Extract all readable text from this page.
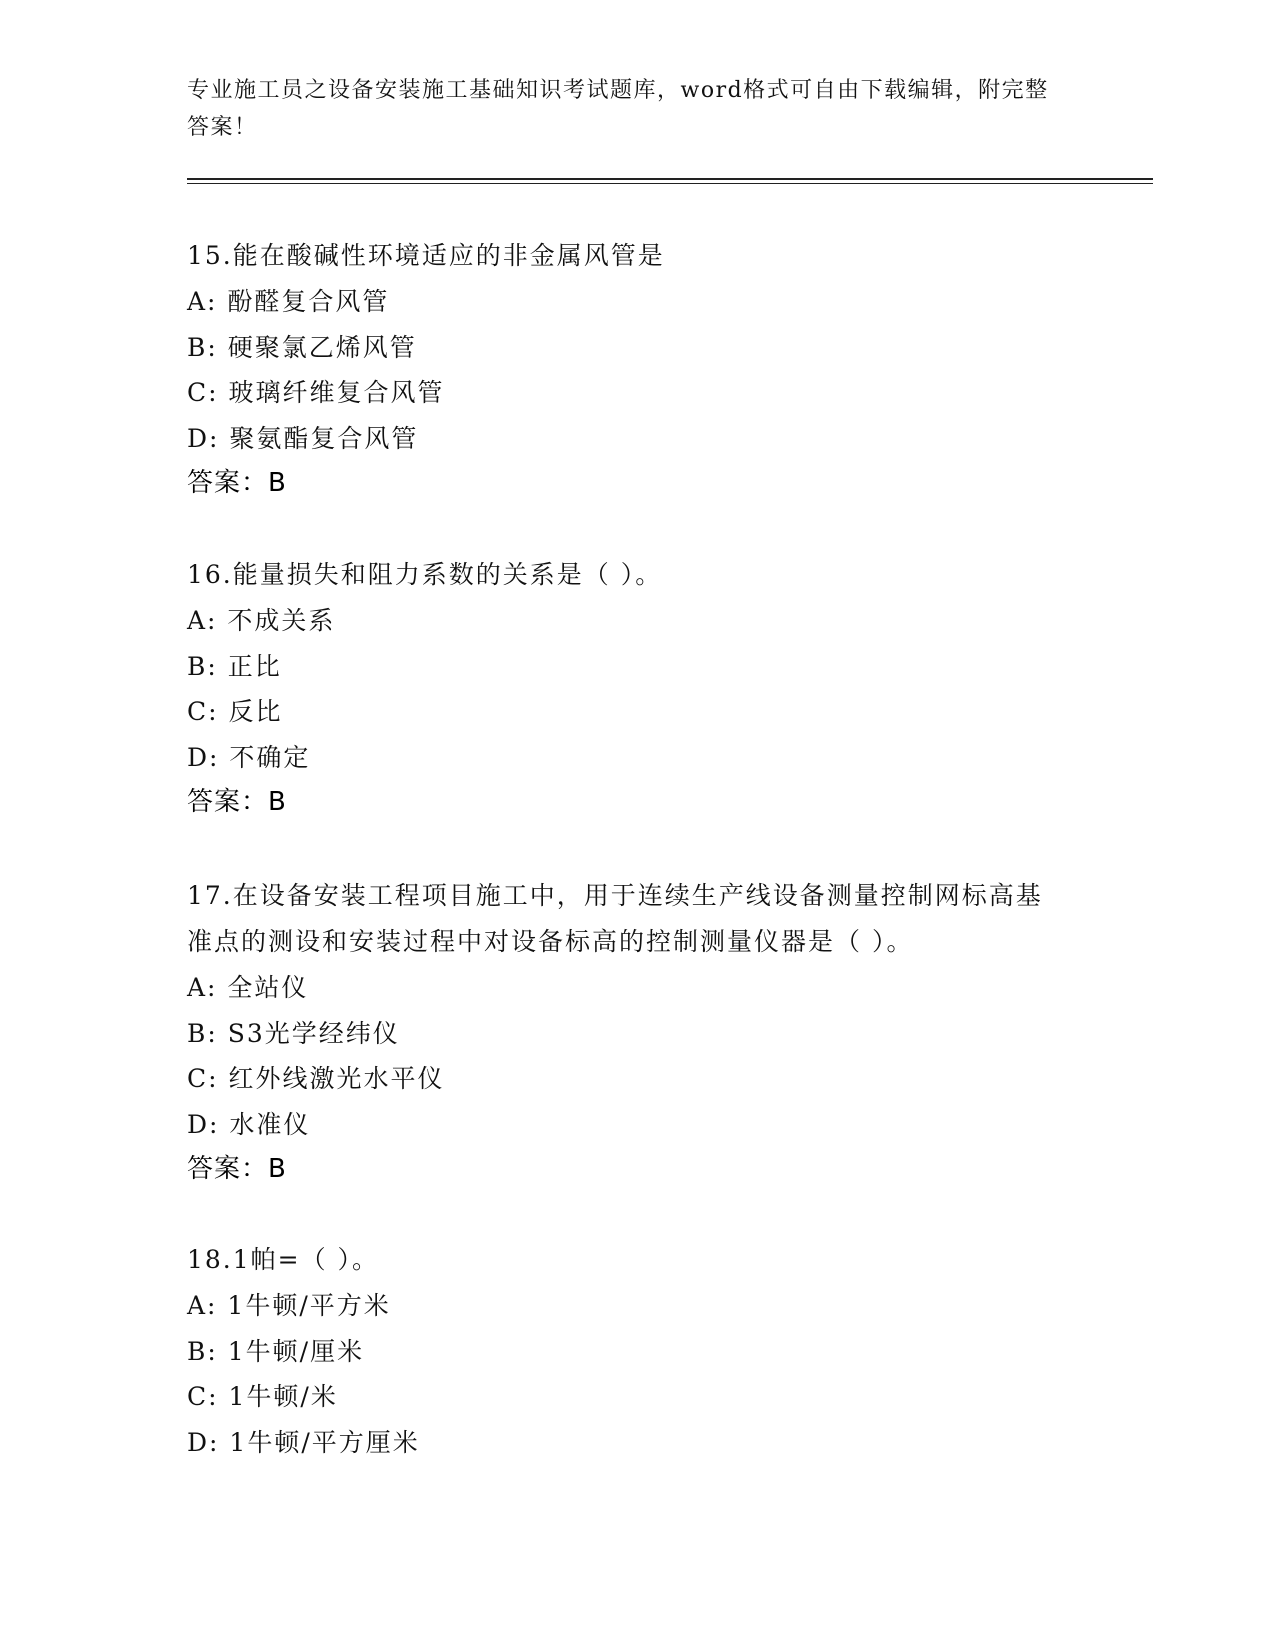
专业施工员之设备安装施工基础知识考试题库，word格式可自由下载编辑，附完整答案！
15.能在酸碱性环境适应的非金属风管是
A: 酚醛复合风管
B: 硬聚氯乙烯风管
C: 玻璃纤维复合风管
D: 聚氨酯复合风管
答案：B
16.能量损失和阻力系数的关系是（ ）。
A: 不成关系
B: 正比
C: 反比
D: 不确定
答案：B
17.在设备安装工程项目施工中，用于连续生产线设备测量控制网标高基准点的测设和安装过程中对设备标高的控制测量仪器是（ ）。
A: 全站仪
B: S3光学经纬仪
C: 红外线激光水平仪
D: 水准仪
答案：B
18.1帕=（ ）。
A: 1牛顿/平方米
B: 1牛顿/厘米
C: 1牛顿/米
D: 1牛顿/平方厘米
